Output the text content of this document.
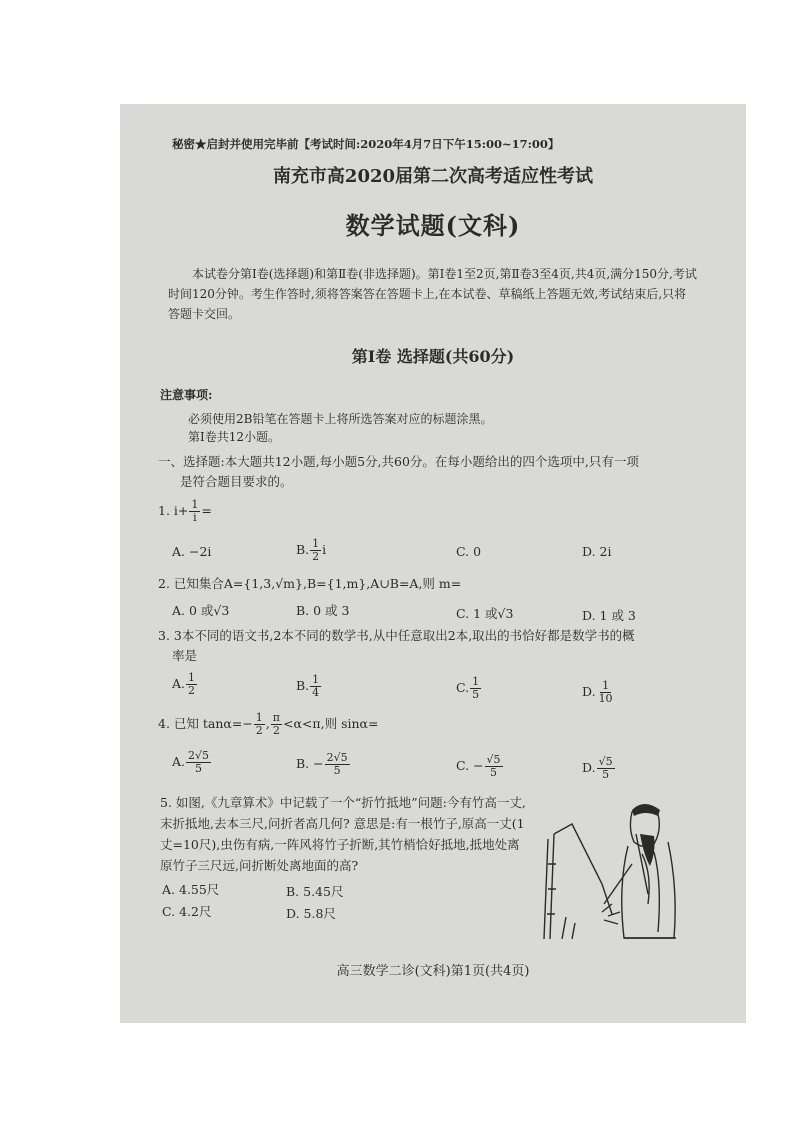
秘密★启封并使用完毕前【考试时间:2020年4月7日下午15:00~17:00】
南充市高2020届第二次高考适应性考试
数学试题(文科)
本试卷分第Ⅰ卷(选择题)和第Ⅱ卷(非选择题)。第Ⅰ卷1至2页,第Ⅱ卷3至4页,共4页,满分150分,考试时间120分钟。考生作答时,须将答案答在答题卡上,在本试卷、草稿纸上答题无效,考试结束后,只将答题卡交回。
第Ⅰ卷 选择题(共60分)
注意事项:
必须使用2B铅笔在答题卡上将所选答案对应的标题涂黑。
第Ⅰ卷共12小题。
一、选择题:本大题共12小题,每小题5分,共60分。在每小题给出的四个选项中,只有一项
是符合题目要求的。
1. $i+ \frac{1}{i}$ =
A. −2i	B. $\frac{1}{2}$ i	C. 0	D. 2i
2. 已知集合A={1,3,√m},B={1,m},A∪B=A,则 m=
A. 0 或√3	B. 0 或 3	C. 1 或√3	D. 1 或 3
3. 3本不同的语文书,2本不同的数学书,从中任意取出2本,取出的书恰好都是数学书的概
率是
A. $\frac{1}{2}$	B. $\frac{1}{4}$	C. $\frac{1}{5}$	D. $\frac{1}{10}$
4. 已知 $\tan\alpha=- \frac{1}{2}$ , $\frac{\pi}{2} <\alpha<\pi$,则 sinα=
A. $\frac{2√5}{5}$	B. − $\frac{2√5}{5}$	C. − $\frac{√5}{5}$	D. $\frac{√5}{5}$
5. 如图,《九章算术》中记载了一个“折竹抵地”问题:今有竹高一丈,末折抵地,去本三尺,问折者高几何? 意思是:有一根竹子,原高一丈(1丈=10尺),虫伤有病,一阵风将竹子折断,其竹梢恰好抵地,抵地处离原竹子三尺远,问折断处离地面的高?
A. 4.55尺	B. 5.45尺
C. 4.2尺	D. 5.8尺
高三数学二诊(文科)第1页(共4页)
